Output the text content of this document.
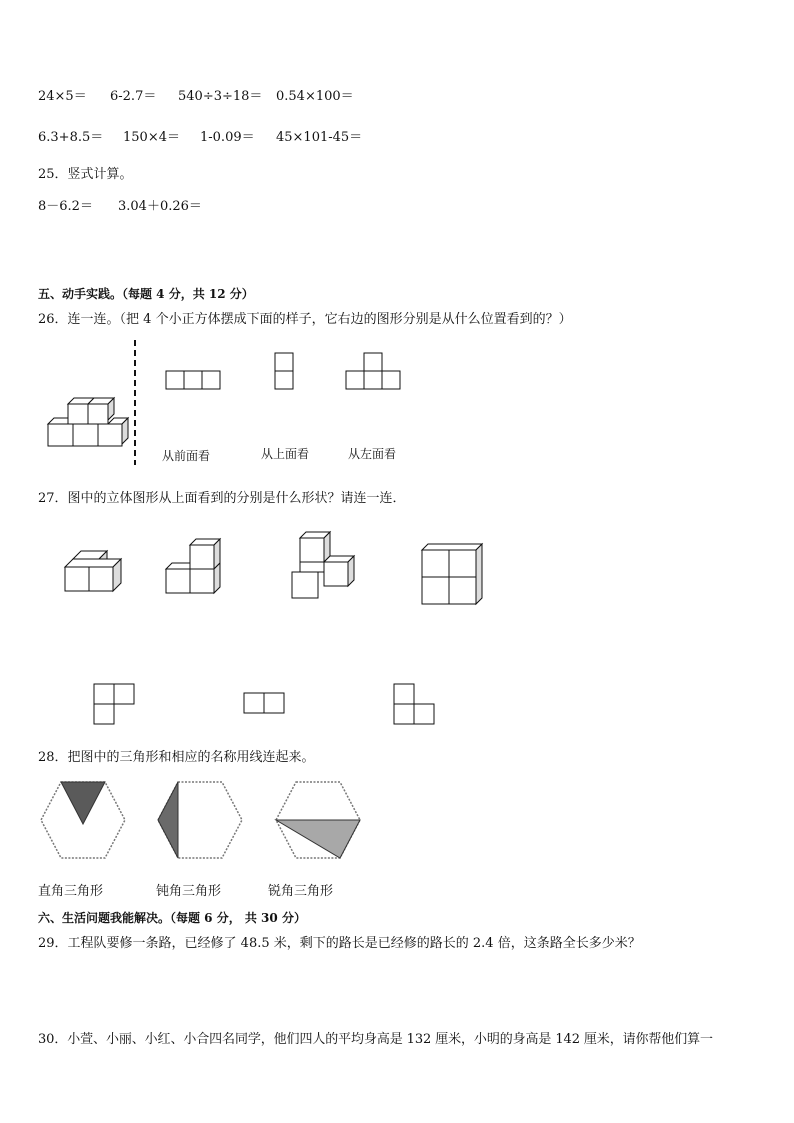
24×5＝ 6-2.7＝ 540÷3÷18＝ 0.54×100＝
6.3+8.5＝ 150×4＝ 1-0.09＝ 45×101-45＝
25．竖式计算。
8－6.2＝ 3.04＋0.26＝
五、动手实践。（每题 4 分，共 12 分）
26．连一连。（把 4 个小正方体摆成下面的样子，它右边的图形分别是从什么位置看到的？）
从前面看	从上面看	从左面看
27．图中的立体图形从上面看到的分别是什么形状？请连一连．
28．把图中的三角形和相应的名称用线连起来。
直角三角形	钝角三角形	锐角三角形
六、生活问题我能解决。（每题 6 分， 共 30 分）
29．工程队要修一条路，已经修了 48.5 米，剩下的路长是已经修的路长的 2.4 倍，这条路全长多少米？
30．小萱、小丽、小红、小合四名同学，他们四人的平均身高是 132 厘米，小明的身高是 142 厘米，请你帮他们算一
